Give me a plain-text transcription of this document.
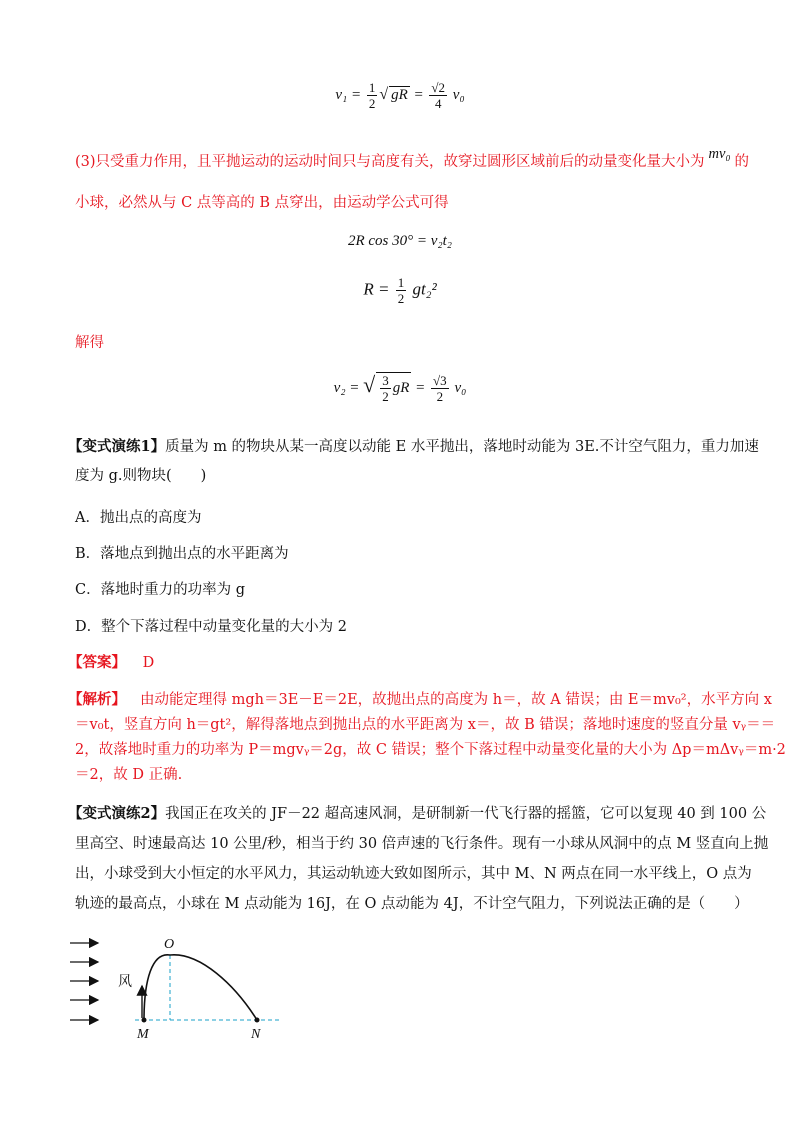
$v_1 = \frac{1}{2}$ √ gR = $\frac{√2}{4} v_0$
(3)只受重力作用，且平抛运动的运动时间只与高度有关，故穿过圆形区域前后的动量变化量大小为 mv₀ 的
小球，必然从与 C 点等高的 B 点穿出，由运动学公式可得
2R cos 30° = v₂t₂
$R = \frac{1}{2} gt_2^2$
解得
v₂ = √ $\frac{3}{2}$ gR = $\frac{√3}{2} v_0$
【变式演练1】质量为 m 的物块从某一高度以动能 E 水平抛出，落地时动能为 3E.不计空气阻力，重力加速
度为 g.则物块(　　)
A．抛出点的高度为
B．落地点到抛出点的水平距离为
C．落地时重力的功率为 g
D．整个下落过程中动量变化量的大小为 2
【答案】 D
【解析】 由动能定理得 mgh＝3E－E＝2E，故抛出点的高度为 h＝，故 A 错误；由 E＝mv₀²，水平方向 x
＝v₀t，竖直方向 h＝gt²，解得落地点到抛出点的水平距离为 x＝，故 B 错误；落地时速度的竖直分量 vᵧ＝＝
2，故落地时重力的功率为 P＝mgvᵧ＝2g，故 C 错误；整个下落过程中动量变化量的大小为 Δp＝mΔvᵧ＝m·2
＝2，故 D 正确.
【变式演练2】我国正在攻关的 JF－22 超高速风洞，是研制新一代飞行器的摇篮，它可以复现 40 到 100 公
里高空、时速最高达 10 公里/秒，相当于约 30 倍声速的飞行条件。现有一小球从风洞中的点 M 竖直向上抛
出，小球受到大小恒定的水平风力，其运动轨迹大致如图所示，其中 M、N 两点在同一水平线上，O 点为
轨迹的最高点，小球在 M 点动能为 16J，在 O 点动能为 4J，不计空气阻力，下列说法正确的是（　　）
风
O
M	N
